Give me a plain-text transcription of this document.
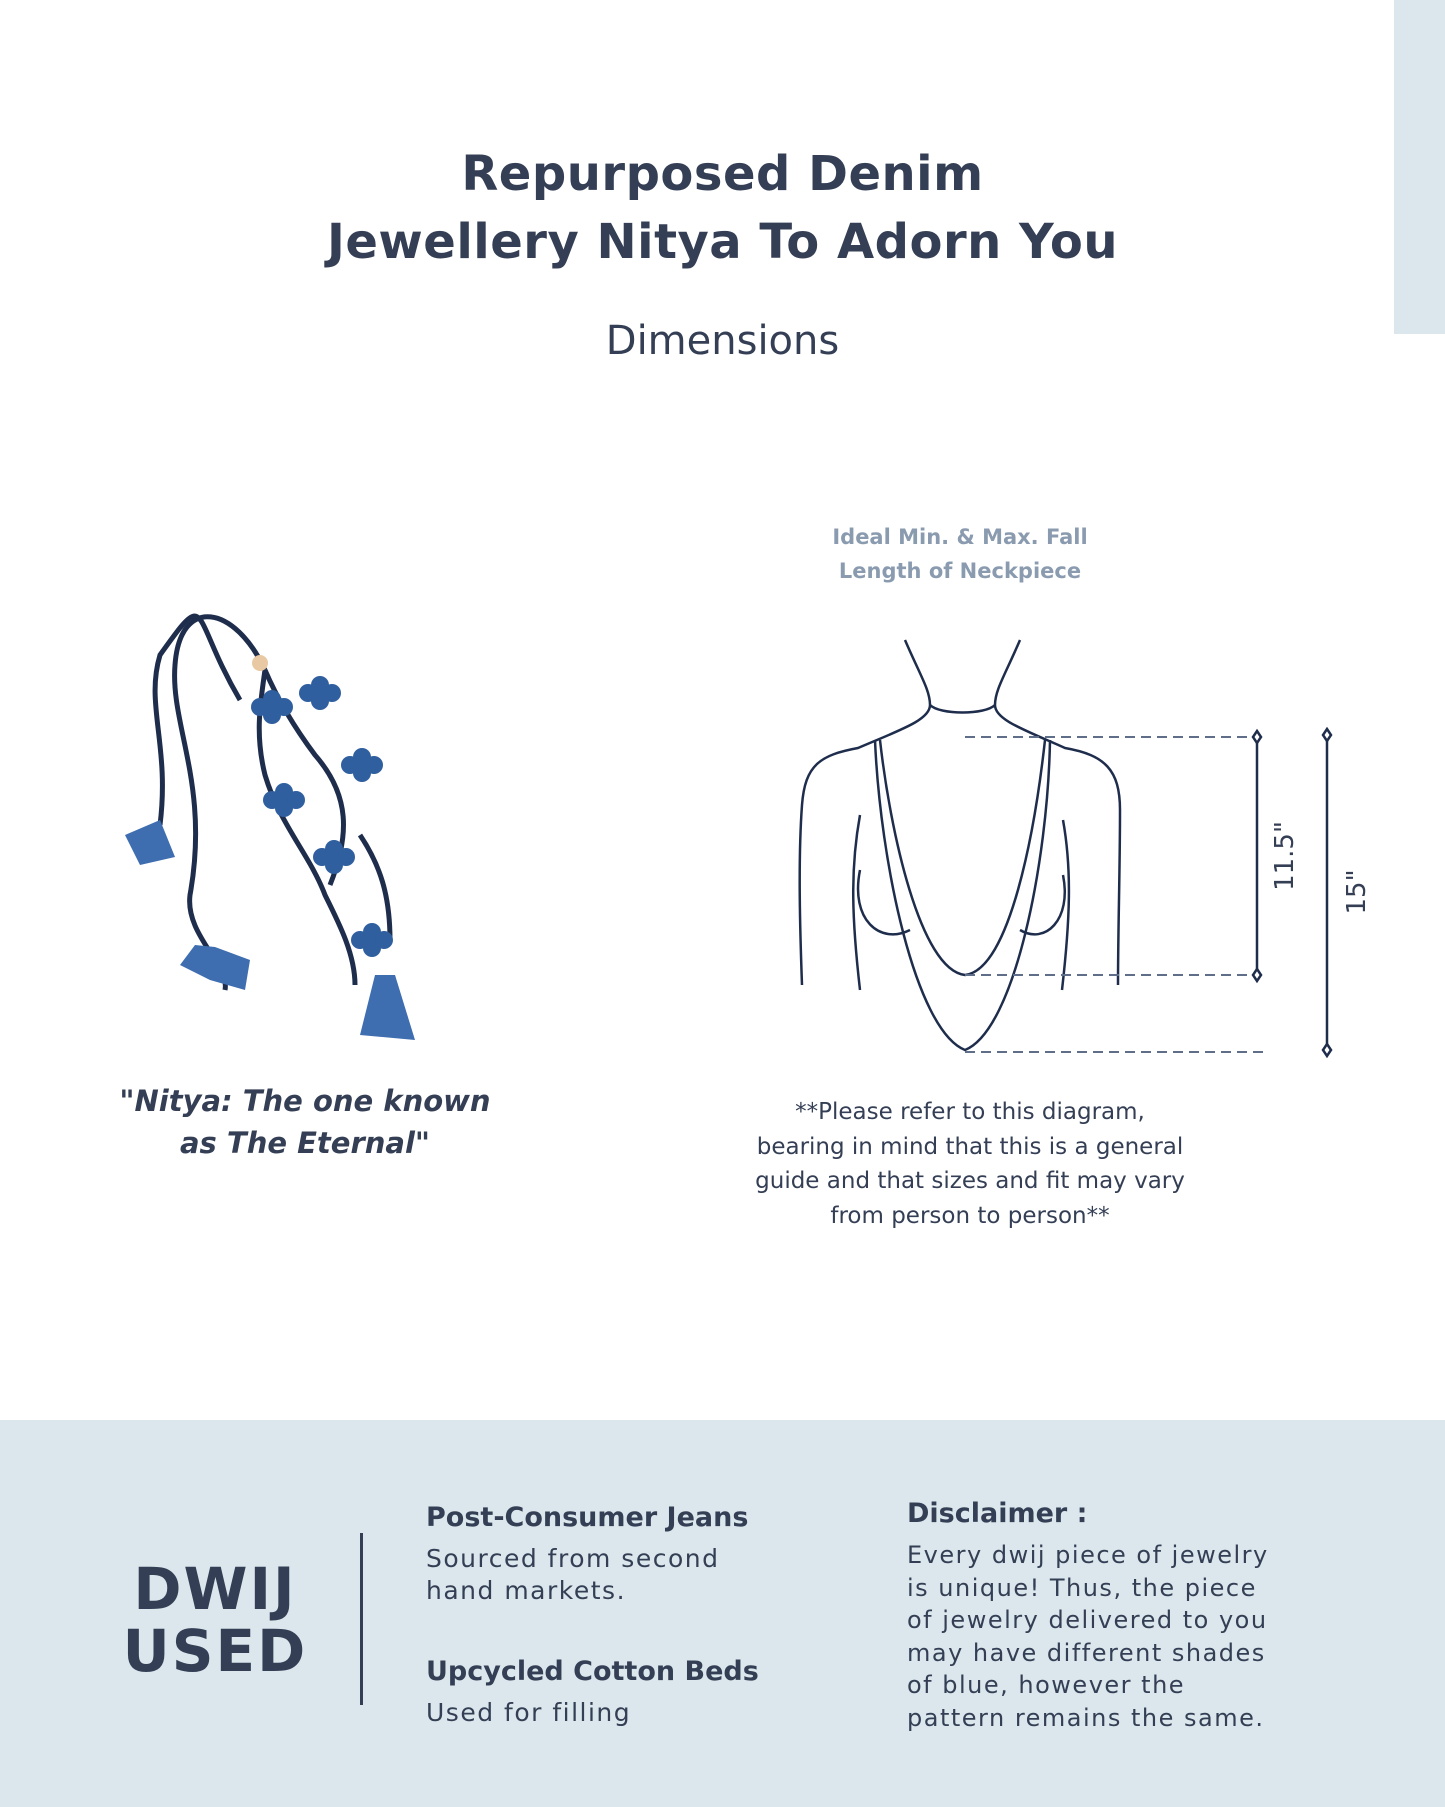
Repurposed Denim
Jewellery Nitya To Adorn You
Dimensions
"Nitya: The one known
as The Eternal"
Ideal Min. & Max. Fall
Length of Neckpiece
11.5"
15"
**Please refer to this diagram,
bearing in mind that this is a general
guide and that sizes and fit may vary
from person to person**
DWIJ
USED

Post-Consumer Jeans

Sourced from second
hand markets.

Upcycled Cotton Beds

Used for filling

Disclaimer :

Every dwij piece of jewelry
is unique! Thus, the piece
of jewelry delivered to you
may have different shades
of blue, however the
pattern remains the same.
